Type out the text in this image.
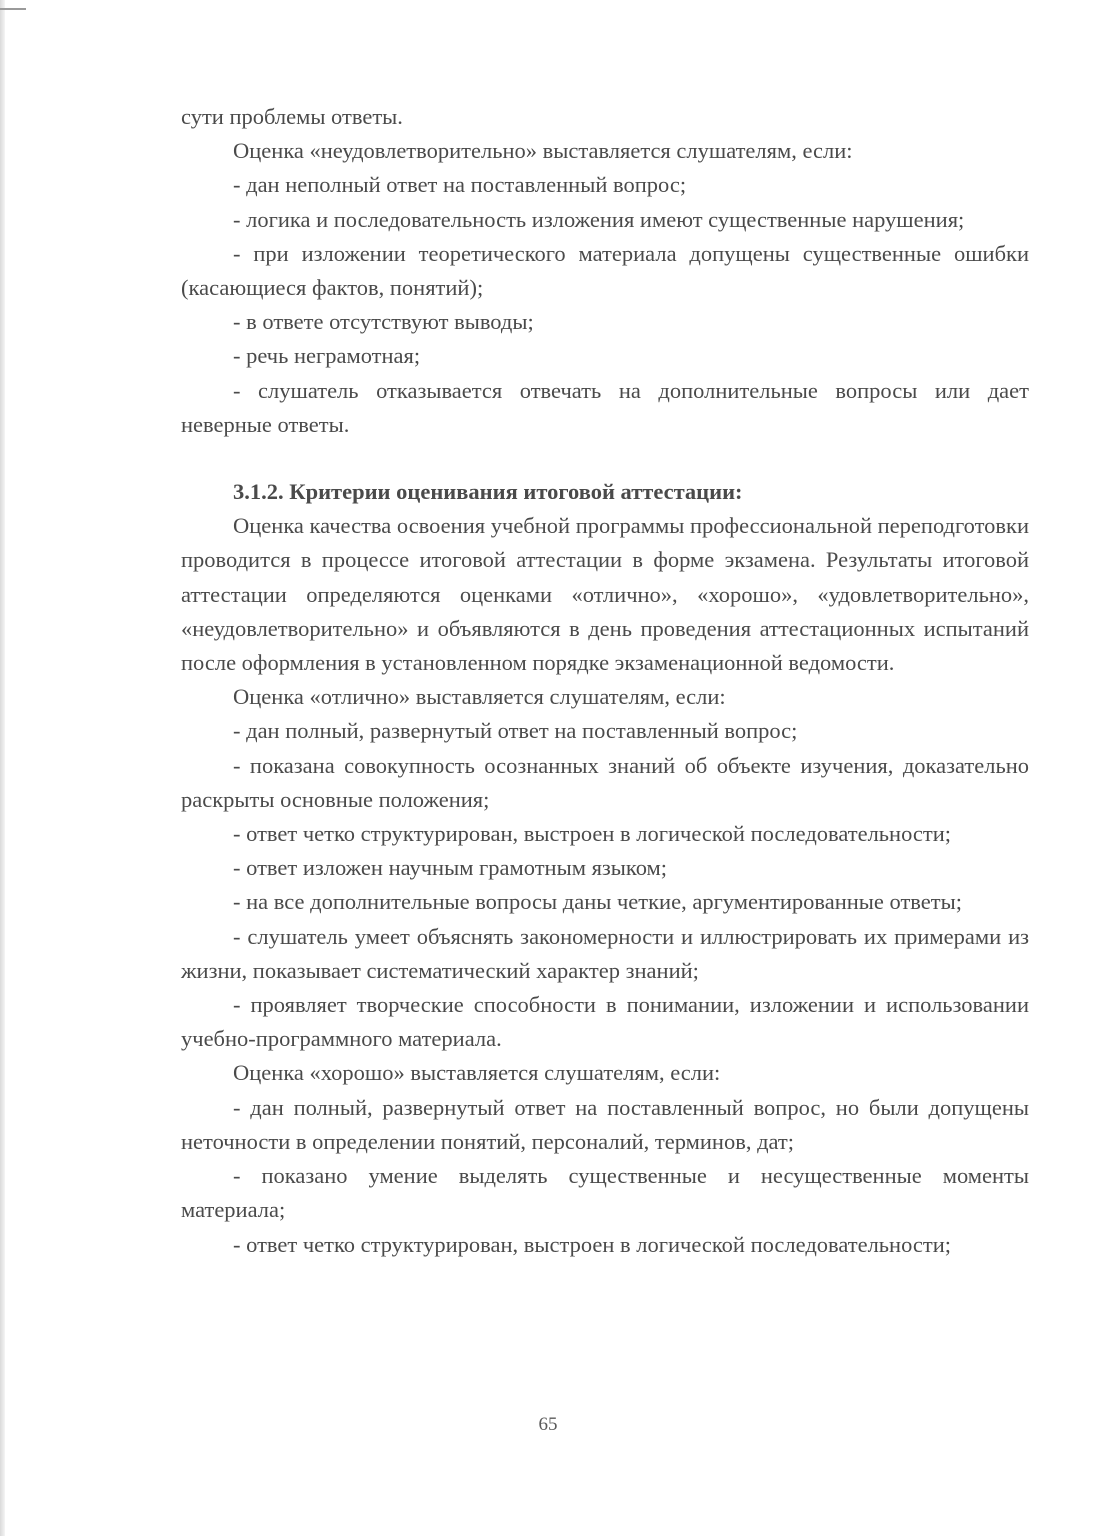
сути проблемы ответы.

Оценка «неудовлетворительно» выставляется слушателям, если:

- дан неполный ответ на поставленный вопрос;

- логика и последовательность изложения имеют существенные нарушения;

- при изложении теоретического материала допущены существенные ошибки (касающиеся фактов, понятий);

- в ответе отсутствуют выводы;

- речь неграмотная;

- слушатель отказывается отвечать на дополнительные вопросы или дает неверные ответы.

3.1.2. Критерии оценивания итоговой аттестации:

Оценка качества освоения учебной программы профессиональной переподготовки проводится в процессе итоговой аттестации в форме экзамена. Результаты итоговой аттестации определяются оценками «отлично», «хорошо», «удовлетворительно», «неудовлетворительно» и объявляются в день проведения аттестационных испытаний после оформления в установленном порядке экзаменационной ведомости.

Оценка «отлично» выставляется слушателям, если:

- дан полный, развернутый ответ на поставленный вопрос;

- показана совокупность осознанных знаний об объекте изучения, доказательно раскрыты основные положения;

- ответ четко структурирован, выстроен в логической последовательности;

- ответ изложен научным грамотным языком;

- на все дополнительные вопросы даны четкие, аргументированные ответы;

- слушатель умеет объяснять закономерности и иллюстрировать их примерами из жизни, показывает систематический характер знаний;

- проявляет творческие способности в понимании, изложении и использовании учебно-программного материала.

Оценка «хорошо» выставляется слушателям, если:

- дан полный, развернутый ответ на поставленный вопрос, но были допущены неточности в определении понятий, персоналий, терминов, дат;

- показано умение выделять существенные и несущественные моменты материала;

- ответ четко структурирован, выстроен в логической последовательности;

65
